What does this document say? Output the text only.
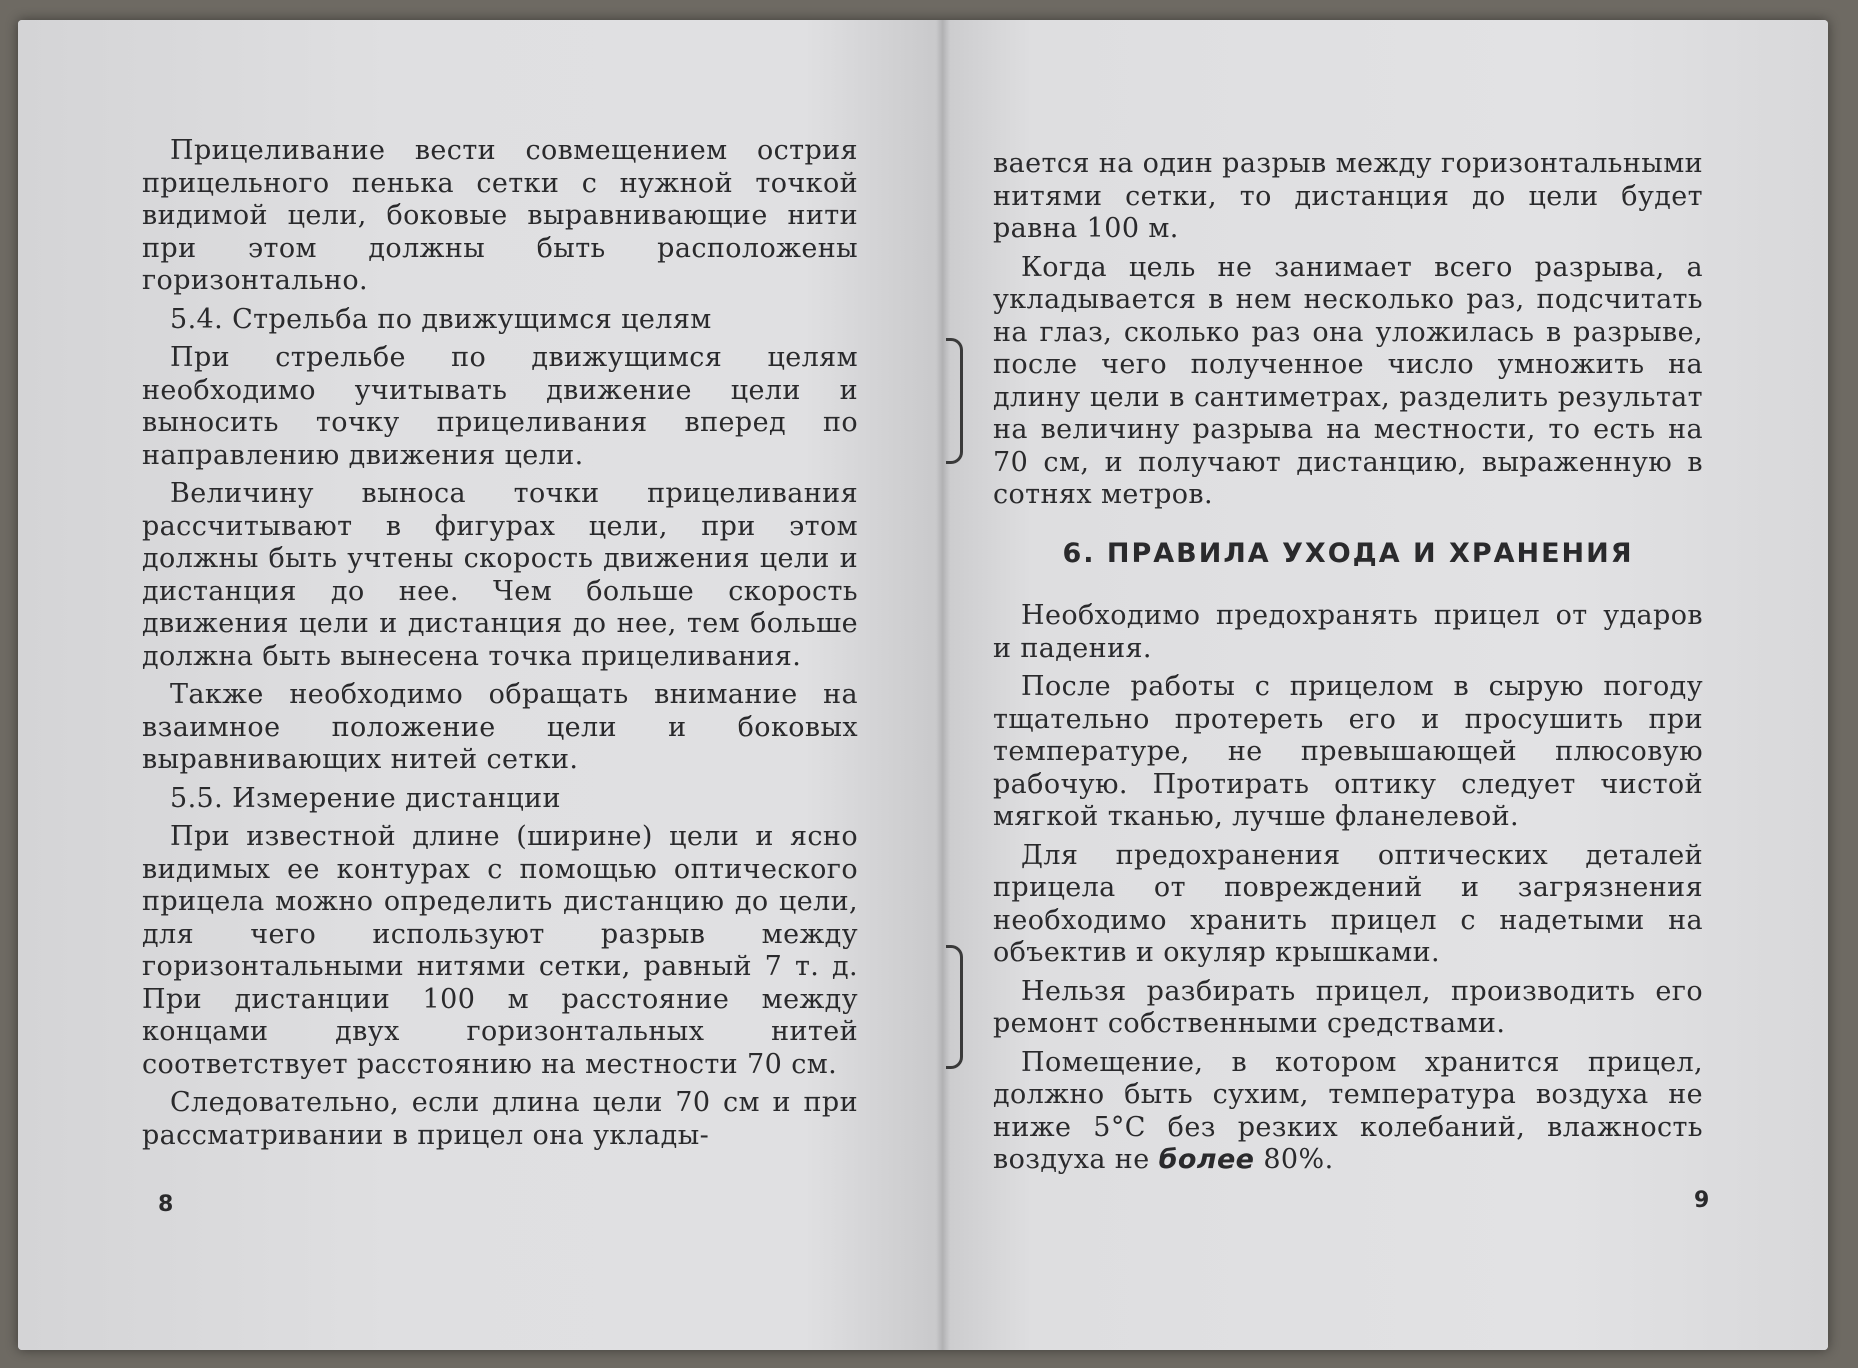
Прицеливание вести совмещением острия прицельного пенька сетки с нужной точкой видимой цели, боковые выравнивающие нити при этом должны быть расположены горизонтально.

5.4. Стрельба по движущимся целям

При стрельбе по движущимся целям необходимо учитывать движение цели и выносить точку прицеливания вперед по направлению движения цели.

Величину выноса точки прицеливания рассчитывают в фигурах цели, при этом должны быть учтены скорость движения цели и дистанция до нее. Чем больше скорость движения цели и дистанция до нее, тем больше должна быть вынесена точка прицеливания.

Также необходимо обращать внимание на взаимное положение цели и боковых выравнивающих нитей сетки.

5.5. Измерение дистанции

При известной длине (ширине) цели и ясно видимых ее контурах с помощью оптического прицела можно определить дистанцию до цели, для чего используют разрыв между горизонтальными нитями сетки, равный 7 т. д. При дистанции 100 м расстояние между концами двух горизонтальных нитей соответствует расстоянию на местности 70 см.

Следовательно, если длина цели 70 см и при рассматривании в прицел она уклады-

8

вается на один разрыв между горизонтальными нитями сетки, то дистанция до цели будет равна 100 м.

Когда цель не занимает всего разрыва, а укладывается в нем несколько раз, подсчитать на глаз, сколько раз она уложилась в разрыве, после чего полученное число умножить на длину цели в сантиметрах, разделить результат на величину разрыва на местности, то есть на 70 см, и получают дистанцию, выраженную в сотнях метров.

6. ПРАВИЛА УХОДА И ХРАНЕНИЯ

Необходимо предохранять прицел от ударов и падения.

После работы с прицелом в сырую погоду тщательно протереть его и просушить при температуре, не превышающей плюсовую рабочую. Протирать оптику следует чистой мягкой тканью, лучше фланелевой.

Для предохранения оптических деталей прицела от повреждений и загрязнения необходимо хранить прицел с надетыми на объектив и окуляр крышками.

Нельзя разбирать прицел, производить его ремонт собственными средствами.

Помещение, в котором хранится прицел, должно быть сухим, температура воздуха не ниже 5°С без резких колебаний, влажность воздуха не более 80%.

9
